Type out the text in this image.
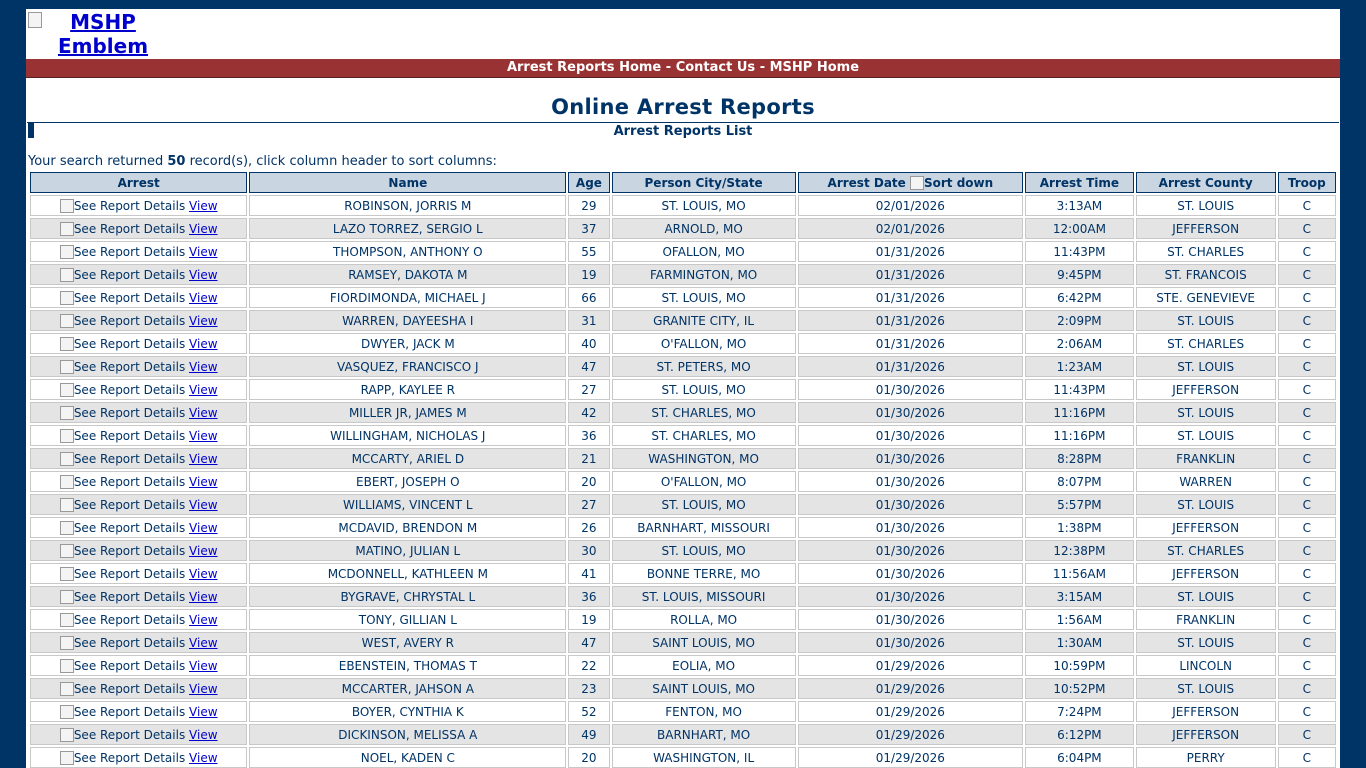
MSHP Emblem
Arrest Reports Home - Contact Us - MSHP Home
Online Arrest Reports
Arrest Reports List
Your search returned 50 record(s), click column header to sort columns:
Arrest	Name	Age	Person City/State	Arrest Date Sort down	Arrest Time	Arrest County	Troop
See Report Details View	ROBINSON, JORRIS M	29	ST. LOUIS, MO	02/01/2026	3:13AM	ST. LOUIS	C
See Report Details View	LAZO TORREZ, SERGIO L	37	ARNOLD, MO	02/01/2026	12:00AM	JEFFERSON	C
See Report Details View	THOMPSON, ANTHONY O	55	OFALLON, MO	01/31/2026	11:43PM	ST. CHARLES	C
See Report Details View	RAMSEY, DAKOTA M	19	FARMINGTON, MO	01/31/2026	9:45PM	ST. FRANCOIS	C
See Report Details View	FIORDIMONDA, MICHAEL J	66	ST. LOUIS, MO	01/31/2026	6:42PM	STE. GENEVIEVE	C
See Report Details View	WARREN, DAYEESHA I	31	GRANITE CITY, IL	01/31/2026	2:09PM	ST. LOUIS	C
See Report Details View	DWYER, JACK M	40	O'FALLON, MO	01/31/2026	2:06AM	ST. CHARLES	C
See Report Details View	VASQUEZ, FRANCISCO J	47	ST. PETERS, MO	01/31/2026	1:23AM	ST. LOUIS	C
See Report Details View	RAPP, KAYLEE R	27	ST. LOUIS, MO	01/30/2026	11:43PM	JEFFERSON	C
See Report Details View	MILLER JR, JAMES M	42	ST. CHARLES, MO	01/30/2026	11:16PM	ST. LOUIS	C
See Report Details View	WILLINGHAM, NICHOLAS J	36	ST. CHARLES, MO	01/30/2026	11:16PM	ST. LOUIS	C
See Report Details View	MCCARTY, ARIEL D	21	WASHINGTON, MO	01/30/2026	8:28PM	FRANKLIN	C
See Report Details View	EBERT, JOSEPH O	20	O'FALLON, MO	01/30/2026	8:07PM	WARREN	C
See Report Details View	WILLIAMS, VINCENT L	27	ST. LOUIS, MO	01/30/2026	5:57PM	ST. LOUIS	C
See Report Details View	MCDAVID, BRENDON M	26	BARNHART, MISSOURI	01/30/2026	1:38PM	JEFFERSON	C
See Report Details View	MATINO, JULIAN L	30	ST. LOUIS, MO	01/30/2026	12:38PM	ST. CHARLES	C
See Report Details View	MCDONNELL, KATHLEEN M	41	BONNE TERRE, MO	01/30/2026	11:56AM	JEFFERSON	C
See Report Details View	BYGRAVE, CHRYSTAL L	36	ST. LOUIS, MISSOURI	01/30/2026	3:15AM	ST. LOUIS	C
See Report Details View	TONY, GILLIAN L	19	ROLLA, MO	01/30/2026	1:56AM	FRANKLIN	C
See Report Details View	WEST, AVERY R	47	SAINT LOUIS, MO	01/30/2026	1:30AM	ST. LOUIS	C
See Report Details View	EBENSTEIN, THOMAS T	22	EOLIA, MO	01/29/2026	10:59PM	LINCOLN	C
See Report Details View	MCCARTER, JAHSON A	23	SAINT LOUIS, MO	01/29/2026	10:52PM	ST. LOUIS	C
See Report Details View	BOYER, CYNTHIA K	52	FENTON, MO	01/29/2026	7:24PM	JEFFERSON	C
See Report Details View	DICKINSON, MELISSA A	49	BARNHART, MO	01/29/2026	6:12PM	JEFFERSON	C
See Report Details View	NOEL, KADEN C	20	WASHINGTON, IL	01/29/2026	6:04PM	PERRY	C
